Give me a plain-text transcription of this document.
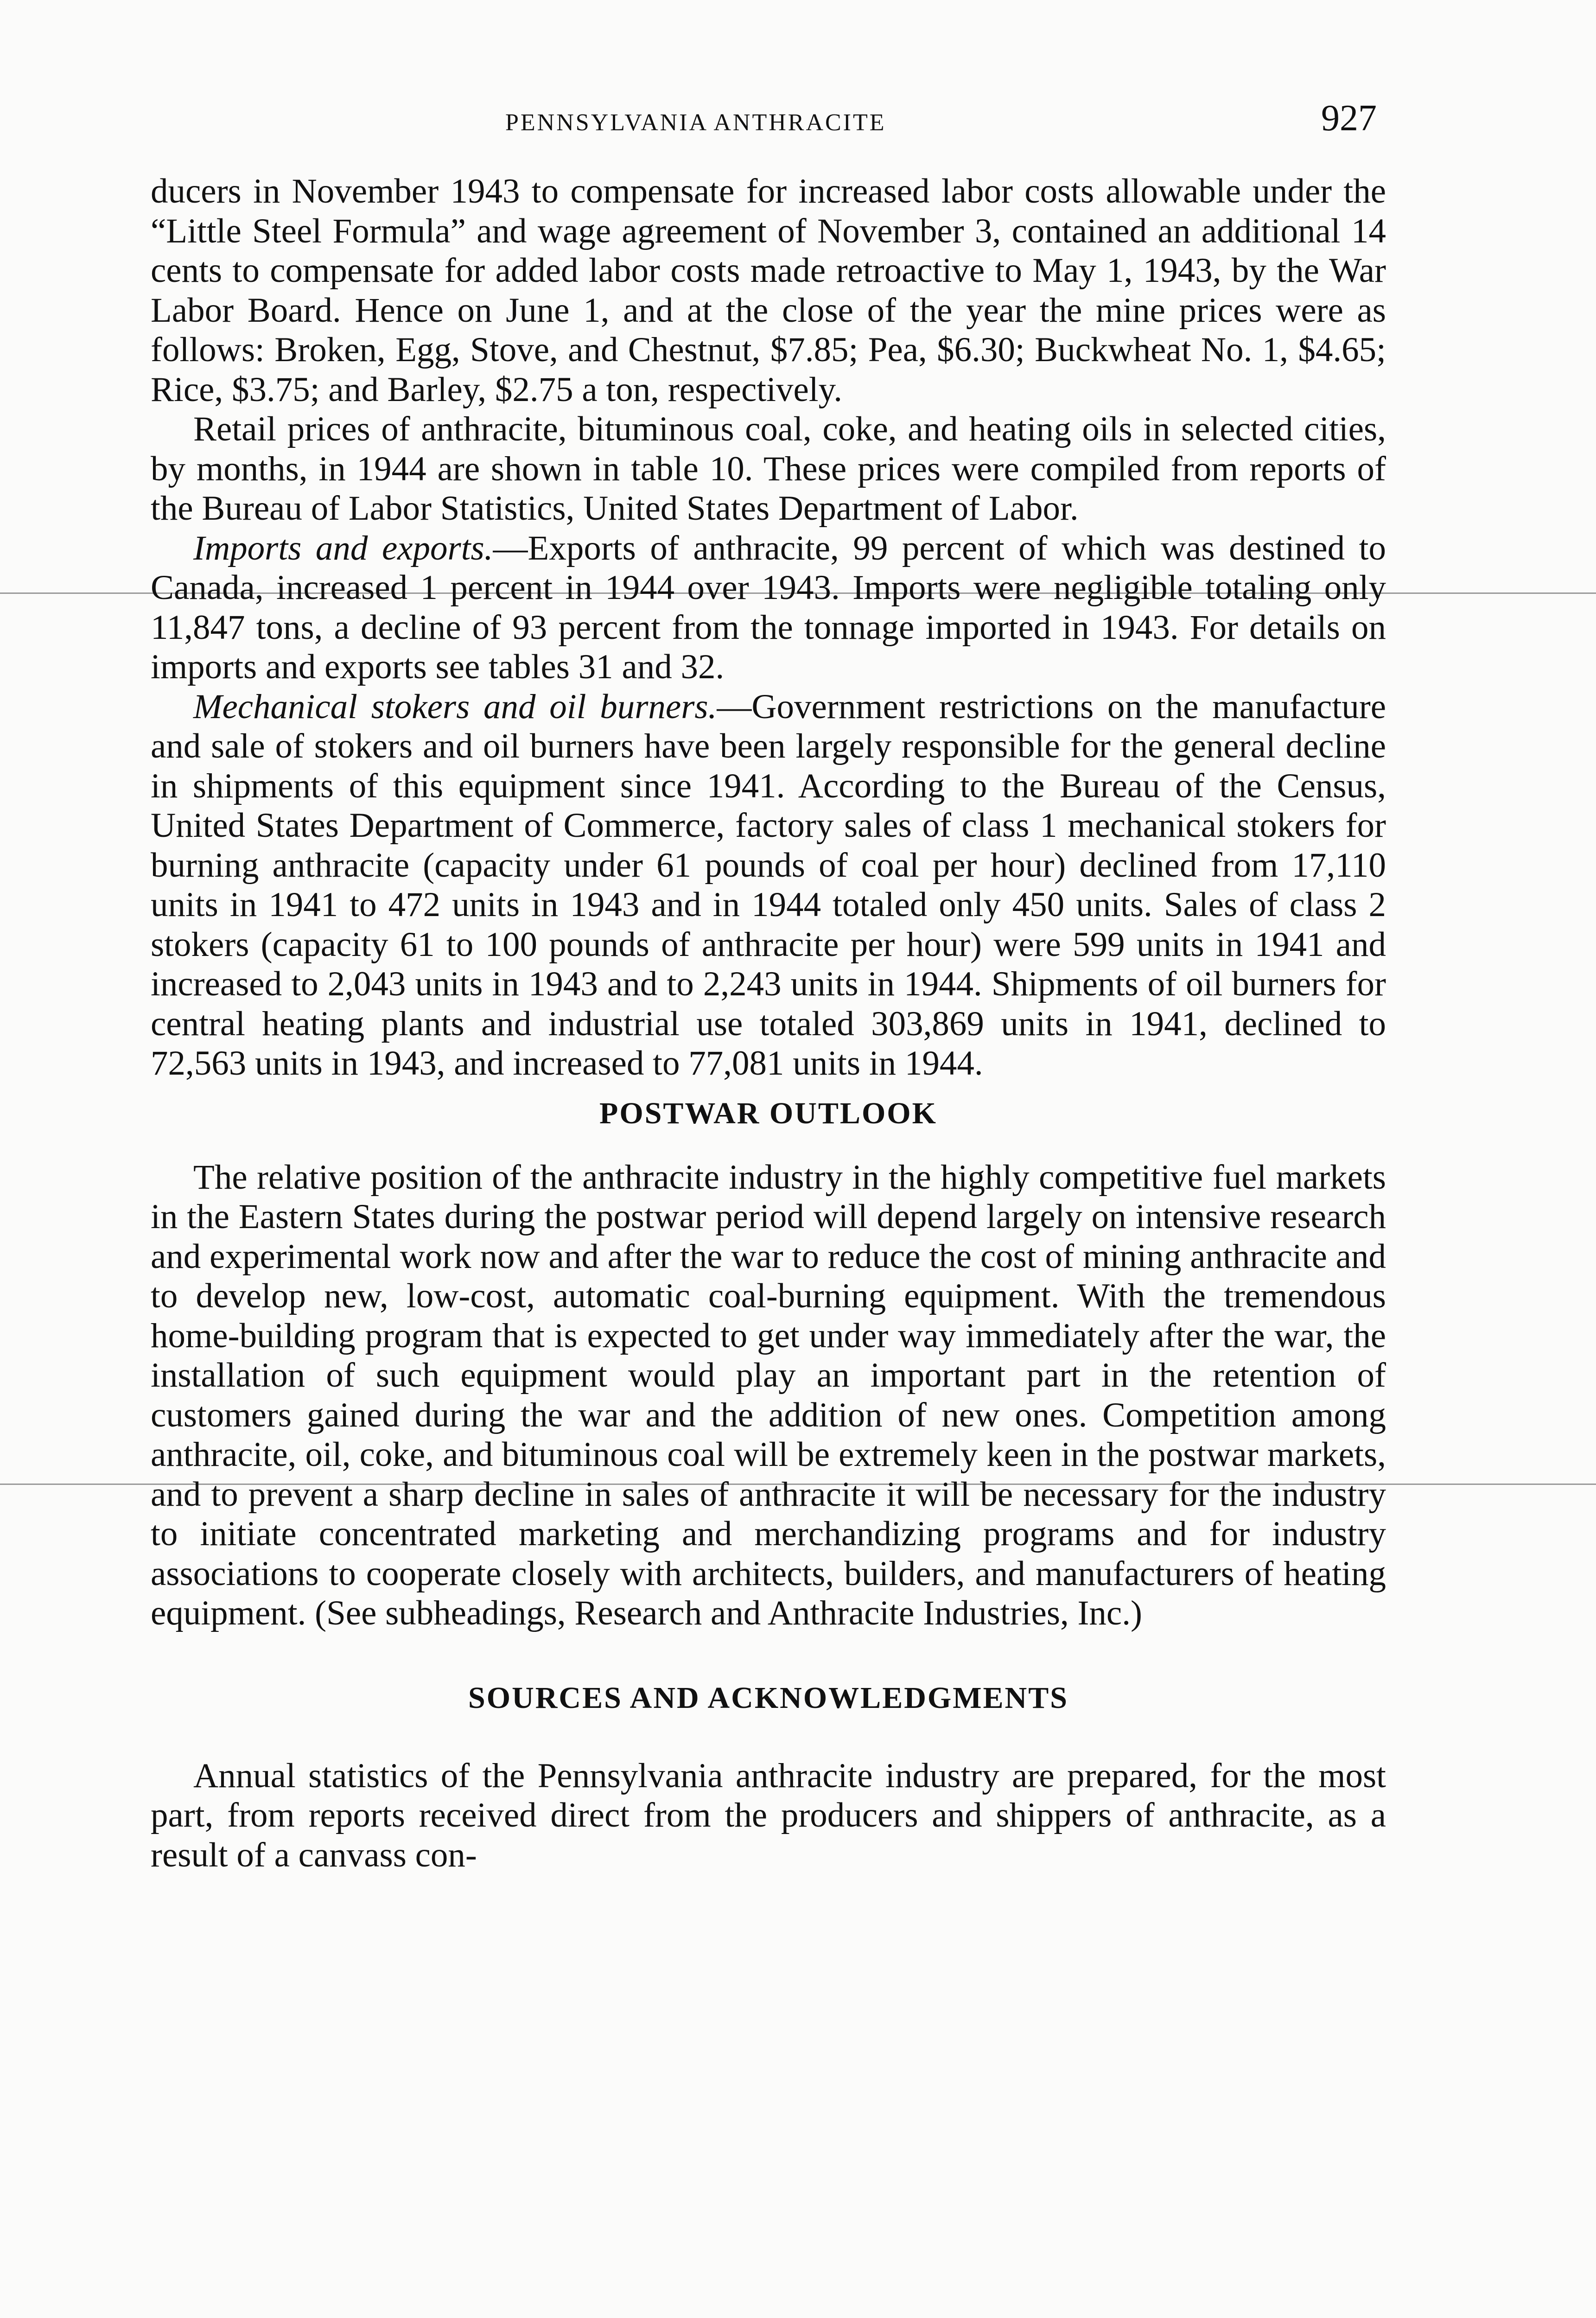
PENNSYLVANIA ANTHRACITE	927

ducers in November 1943 to compensate for increased labor costs allowable under the “Little Steel Formula” and wage agreement of November 3, contained an additional 14 cents to compensate for added labor costs made retroactive to May 1, 1943, by the War Labor Board. Hence on June 1, and at the close of the year the mine prices were as follows: Broken, Egg, Stove, and Chestnut, $7.85; Pea, $6.30; Buckwheat No. 1, $4.65; Rice, $3.75; and Barley, $2.75 a ton, respectively.

Retail prices of anthracite, bituminous coal, coke, and heating oils in selected cities, by months, in 1944 are shown in table 10. These prices were compiled from reports of the Bureau of Labor Statistics, United States Department of Labor.

Imports and exports.—Exports of anthracite, 99 percent of which was destined to Canada, increased 1 percent in 1944 over 1943. Imports were negligible totaling only 11,847 tons, a decline of 93 percent from the tonnage imported in 1943. For details on imports and exports see tables 31 and 32.

Mechanical stokers and oil burners.—Government restrictions on the manufacture and sale of stokers and oil burners have been largely responsible for the general decline in shipments of this equipment since 1941. According to the Bureau of the Census, United States Department of Commerce, factory sales of class 1 mechanical stokers for burning anthracite (capacity under 61 pounds of coal per hour) declined from 17,110 units in 1941 to 472 units in 1943 and in 1944 totaled only 450 units. Sales of class 2 stokers (capacity 61 to 100 pounds of anthracite per hour) were 599 units in 1941 and increased to 2,043 units in 1943 and to 2,243 units in 1944. Shipments of oil burners for central heating plants and industrial use totaled 303,869 units in 1941, declined to 72,563 units in 1943, and increased to 77,081 units in 1944.

POSTWAR OUTLOOK

The relative position of the anthracite industry in the highly competitive fuel markets in the Eastern States during the postwar period will depend largely on intensive research and experimental work now and after the war to reduce the cost of mining anthracite and to develop new, low-cost, automatic coal-burning equipment. With the tremendous home-building program that is expected to get under way immediately after the war, the installation of such equipment would play an important part in the retention of customers gained during the war and the addition of new ones. Competition among anthracite, oil, coke, and bituminous coal will be extremely keen in the postwar markets, and to prevent a sharp decline in sales of anthracite it will be necessary for the industry to initiate concentrated marketing and merchandizing programs and for industry associations to cooperate closely with architects, builders, and manufacturers of heating equipment. (See subheadings, Research and Anthracite Industries, Inc.)

SOURCES AND ACKNOWLEDGMENTS

Annual statistics of the Pennsylvania anthracite industry are prepared, for the most part, from reports received direct from the producers and shippers of anthracite, as a result of a canvass con-
